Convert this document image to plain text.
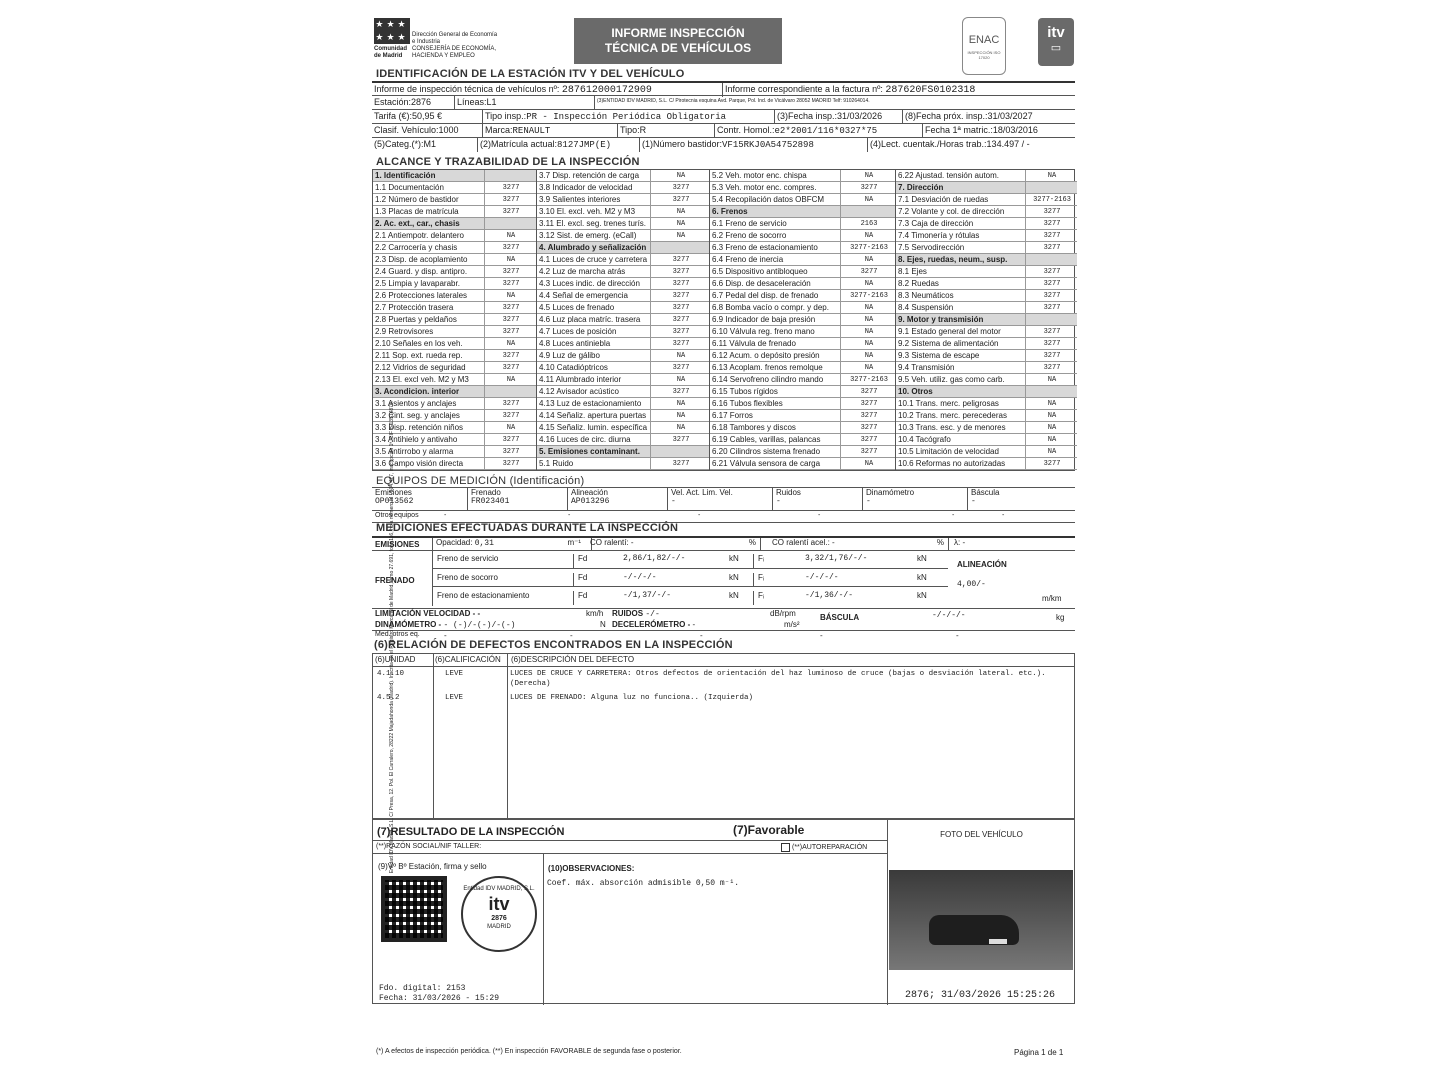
★★★
★★★
Comunidad
de Madrid
Dirección General de Economía
e Industria
CONSEJERÍA DE ECONOMÍA,
HACIENDA Y EMPLEO
INFORME INSPECCIÓN
TÉCNICA DE VEHÍCULOS
ENAC
INSPECCIÓN ISO 17020
itv
▭
IDENTIFICACIÓN DE LA ESTACIÓN ITV Y DEL VEHÍCULO
Informe de inspección técnica de vehículos nº: 287612000172909	Informe correspondiente a la factura nº: 287620FS0102318
Estación:2876	Líneas:L1	(3)ENTIDAD IDV MADRID, S.L. C/ Pirotecnia esquina Avd. Parque, Pol. Ind. de Vicálvaro 28052 MADRID Telf: 910264014.
Tarifa (€):50,95 €	Tipo insp.:PR - Inspección Periódica Obligatoria	(3)Fecha insp.:31/03/2026	(8)Fecha próx. insp.:31/03/2027
Clasif. Vehículo:1000	Marca:RENAULT	Tipo:R	Contr. Homol.:e2*2001/116*0327*75	Fecha 1ª matric.:18/03/2016
(5)Categ.(*):M1	(2)Matrícula actual:8127JMP(E)	(1)Número bastidor:VF15RKJ0A54752898	(4)Lect. cuentak./Horas trab.:134.497 / -
ALCANCE Y TRAZABILIDAD DE LA INSPECCIÓN
1. Identificación
1.1 Documentación	3277
1.2 Número de bastidor	3277
1.3 Placas de matrícula	3277
2. Ac. ext., car., chasis
2.1 Antiempotr. delantero	NA
2.2 Carrocería y chasis	3277
2.3 Disp. de acoplamiento	NA
2.4 Guard. y disp. antipro.	3277
2.5 Limpia y lavaparabr.	3277
2.6 Protecciones laterales	NA
2.7 Protección trasera	3277
2.8 Puertas y peldaños	3277
2.9 Retrovisores	3277
2.10 Señales en los veh.	NA
2.11 Sop. ext. rueda rep.	3277
2.12 Vidrios de seguridad	3277
2.13 El. excl veh. M2 y M3	NA
3. Acondicion. interior
3.1 Asientos y anclajes	3277
3.2 Cint. seg. y anclajes	3277
3.3 Disp. retención niños	NA
3.4 Antihielo y antivaho	3277
3.5 Antirrobo y alarma	3277
3.6 Campo visión directa	3277
3.7 Disp. retención de carga	NA
3.8 Indicador de velocidad	3277
3.9 Salientes interiores	3277
3.10 El. excl. veh. M2 y M3	NA
3.11 El. excl. seg. trenes turís.	NA
3.12 Sist. de emerg. (eCall)	NA
4. Alumbrado y señalización
4.1 Luces de cruce y carretera	3277
4.2 Luz de marcha atrás	3277
4.3 Luces indic. de dirección	3277
4.4 Señal de emergencia	3277
4.5 Luces de frenado	3277
4.6 Luz placa matríc. trasera	3277
4.7 Luces de posición	3277
4.8 Luces antiniebla	3277
4.9 Luz de gálibo	NA
4.10 Catadióptricos	3277
4.11 Alumbrado interior	NA
4.12 Avisador acústico	3277
4.13 Luz de estacionamiento	NA
4.14 Señaliz. apertura puertas	NA
4.15 Señaliz. lumin. específica	NA
4.16 Luces de circ. diurna	3277
5. Emisiones contaminant.
5.1 Ruido	3277
5.2 Veh. motor enc. chispa	NA
5.3 Veh. motor enc. compres.	3277
5.4 Recopilación datos OBFCM	NA
6. Frenos
6.1 Freno de servicio	2163
6.2 Freno de socorro	NA
6.3 Freno de estacionamiento	3277-2163
6.4 Freno de inercia	NA
6.5 Dispositivo antibloqueo	3277
6.6 Disp. de desaceleración	NA
6.7 Pedal del disp. de frenado	3277-2163
6.8 Bomba vacío o compr. y dep.	NA
6.9 Indicador de baja presión	NA
6.10 Válvula reg. freno mano	NA
6.11 Válvula de frenado	NA
6.12 Acum. o depósito presión	NA
6.13 Acoplam. frenos remolque	NA
6.14 Servofreno cilindro mando	3277-2163
6.15 Tubos rígidos	3277
6.16 Tubos flexibles	3277
6.17 Forros	3277
6.18 Tambores y discos	3277
6.19 Cables, varillas, palancas	3277
6.20 Cilindros sistema frenado	3277
6.21 Válvula sensora de carga	NA
6.22 Ajustad. tensión autom.	NA
7. Dirección
7.1 Desviación de ruedas	3277-2163
7.2 Volante y col. de dirección	3277
7.3 Caja de dirección	3277
7.4 Timonería y rótulas	3277
7.5 Servodirección	3277
8. Ejes, ruedas, neum., susp.
8.1 Ejes	3277
8.2 Ruedas	3277
8.3 Neumáticos	3277
8.4 Suspensión	3277
9. Motor y transmisión
9.1 Estado general del motor	3277
9.2 Sistema de alimentación	3277
9.3 Sistema de escape	3277
9.4 Transmisión	3277
9.5 Veh. utiliz. gas como carb.	NA
10. Otros
10.1 Trans. merc. peligrosas	NA
10.2 Trans. merc. perecederas	NA
10.3 Trans. esc. y de menores	NA
10.4 Tacógrafo	NA
10.5 Limitación de velocidad	NA
10.6 Reformas no autorizadas	3277
EQUIPOS DE MEDICIÓN (Identificación)
Emisiones
OP013562
Frenado
FR023401
Alineación
AP013296
Vel. Act. Lim. Vel.
-
Ruidos
-
Dinamómetro
-
Báscula
-
Otros equipos	-	-	-	-	-	-
MEDICIONES EFECTUADAS DURANTE LA INSPECCIÓN
EMISIONES	Opacidad: 0,31	m⁻¹ CO ralentí: -	% CO ralentí acel.: -	% λ: -
FRENADO
Freno de servicio	Fd	2,86/1,82/-/-	kN	Fᵢ	3,32/1,76/-/-	kN
Freno de socorro	Fd	-/-/-/-	kN	Fᵢ	-/-/-/-	kN
Freno de estacionamiento	Fd	-/1,37/-/-	kN	Fᵢ	-/1,36/-/-	kN
ALINEACIÓN
4,00/-
m/km
LIMITACIÓN VELOCIDAD - -	km/h RUIDOS -/-	dB/rpm	BÁSCULA	-/-/-/-	kg
DINAMÓMETRO - - (-)/-(-)/-(-)	N DECELERÓMETRO - -	m/s²
Med. otros eq.	-	-	-	-	-
(6)RELACIÓN DE DEFECTOS ENCONTRADOS EN LA INSPECCIÓN
(6)UNIDAD (6)CALIFICACIÓN (6)DESCRIPCIÓN DEL DEFECTO
4.1.10	LEVE	LUCES DE CRUCE Y CARRETERA: Otros defectos de orientación del haz luminoso de cruce (bajas o desviación lateral. etc.).
(Derecha)
4.5.2	LEVE	LUCES DE FRENADO: Alguna luz no funciona.. (Izquierda)
(7)RESULTADO DE LA INSPECCIÓN	(7)Favorable
(**)RAZÓN SOCIAL/NIF TALLER:	(**)AUTOREPARACIÓN
(9)Vº Bº Estación, firma y sello
Entidad IDV MADRID, S.L.
itv
2876
MADRID
Fdo. digital: 2153
Fecha: 31/03/2026 - 15:29
(10)OBSERVACIONES:
Coef. máx. absorción admisible 0,50 m⁻¹.
FOTO DEL VEHÍCULO
2876; 31/03/2026 15:25:26
(*) A efectos de inspección periódica. (**) En inspección FAVORABLE de segunda fase o posterior.	Página 1 de 1
Entidad IDV Madrid, S.L. C/ Presa, 12. Pol. El Carralero, 28222 Majadahonda (Madrid). Inscrita en el Registro Mercantil de Madrid, tomo 27.691, folio 116, hoja número M - 504.427, inscripción 1ª. CIF B-13514870.
